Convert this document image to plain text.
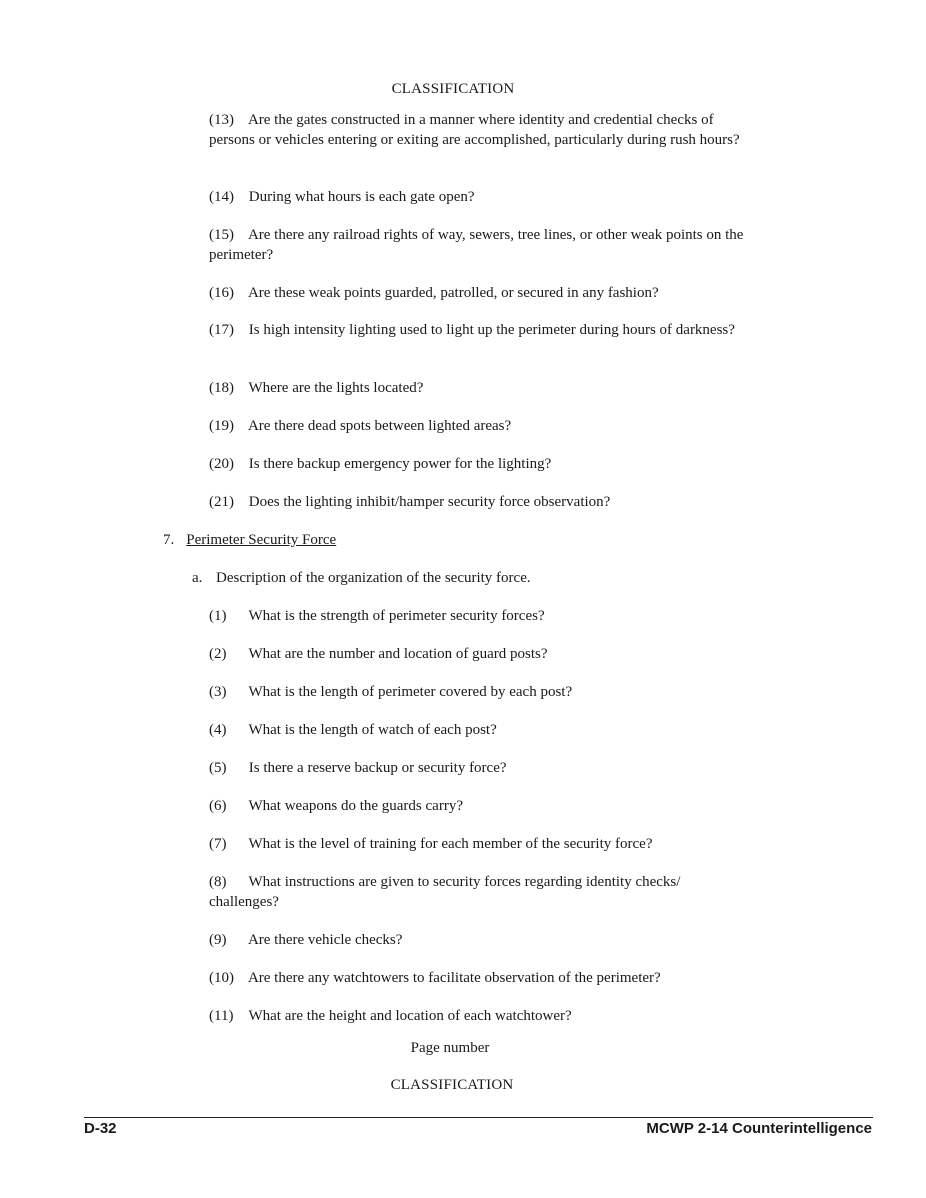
CLASSIFICATION
(13) Are the gates constructed in a manner where identity and credential checks of persons or vehicles entering or exiting are accomplished, particularly during rush hours?
(14) During what hours is each gate open?
(15) Are there any railroad rights of way, sewers, tree lines, or other weak points on the perimeter?
(16) Are these weak points guarded, patrolled, or secured in any fashion?
(17) Is high intensity lighting used to light up the perimeter during hours of darkness?
(18) Where are the lights located?
(19) Are there dead spots between lighted areas?
(20) Is there backup emergency power for the lighting?
(21) Does the lighting inhibit/hamper security force observation?
7. Perimeter Security Force
a. Description of the organization of the security force.
(1) What is the strength of perimeter security forces?
(2) What are the number and location of guard posts?
(3) What is the length of perimeter covered by each post?
(4) What is the length of watch of each post?
(5) Is there a reserve backup or security force?
(6) What weapons do the guards carry?
(7) What is the level of training for each member of the security force?
(8) What instructions are given to security forces regarding identity checks/ challenges?
(9) Are there vehicle checks?
(10) Are there any watchtowers to facilitate observation of the perimeter?
(11) What are the height and location of each watchtower?
Page number
CLASSIFICATION
D-32	MCWP 2-14 Counterintelligence
